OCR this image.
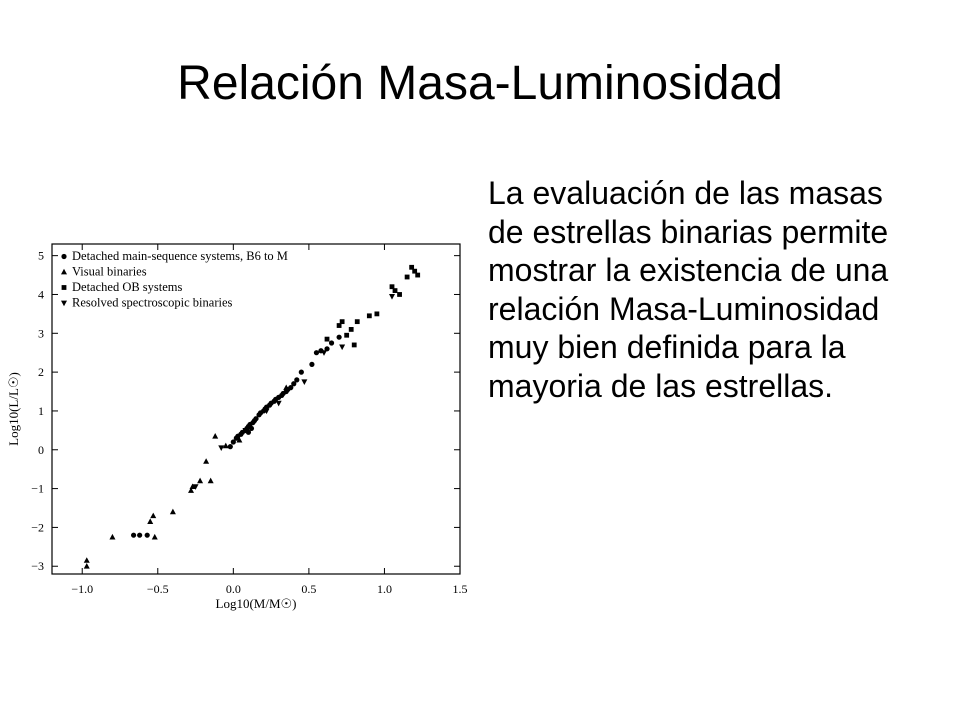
Relación Masa-Luminosidad

La evaluación de las masas de estrellas binarias permite mostrar la existencia de una relación Masa-Luminosidad muy bien definida para la mayoria de las estrellas.

−1.0	−0.5	0.0	0.5	1.0	1.5
−3
−2
−1
0
1
2
3
4
5 Detached main-sequence systems, B6 to M
Visual binaries
Detached OB systems
Resolved spectroscopic binaries
Log10(M/M☉)
Log10(L/L☉)
